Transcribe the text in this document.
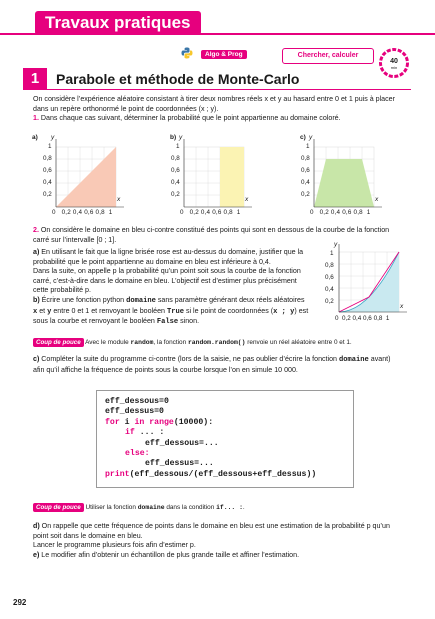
Travaux pratiques
Algo & Prog	Chercher, calculer
40
min
1	Parabole et méthode de Monte-Carlo
On considère l’expérience aléatoire consistant à tirer deux nombres réels x et y au hasard entre 0 et 1 puis à placer
dans un repère orthonormé le point de coordonnées (x ; y).
1. Dans chaque cas suivant, déterminer la probabilité que le point appartienne au domaine coloré.
a)	b)	c)
1
0,8
0,6
0,4
0,2
y
x
0 0,2 0,4 0,6 0,8 1
1
0,8
0,6
0,4
0,2
y
x
0 0,2 0,4 0,6 0,8 1
1
0,8
0,6
0,4
0,2
y
x
0 0,2 0,4 0,6 0,8 1
2. On considère le domaine en bleu ci-contre constitué des points qui sont en dessous de la courbe de la fonction
carré sur l’intervalle [0 ; 1].
a) En utilisant le fait que la ligne brisée rose est au-dessus du domaine, justifier que la
probabilité que le point appartienne au domaine en bleu est inférieure à 0,4.
Dans la suite, on appelle p la probabilité qu’un point soit sous la courbe de la fonction
carré, c’est-à-dire dans le domaine en bleu. L’objectif est d’estimer plus précisément
cette probabilité p.
b) Écrire une fonction python domaine sans paramètre générant deux réels aléatoires
x et y entre 0 et 1 et renvoyant le booléen True si le point de coordonnées (x ; y) est
sous la courbe et renvoyant le booléen False sinon.
1
0,8
0,6
0,4
0,2
y
x
0 0,2 0,4 0,6 0,8 1
Coup de pouce Avec le module random, la fonction random.random() renvoie un réel aléatoire entre 0 et 1.
c) Compléter la suite du programme ci-contre (lors de la saisie, ne pas oublier d’écrire la fonction domaine avant)
afin qu’il affiche la fréquence de points sous la courbe lorsque l’on en simule 10 000.
eff_dessous=0
eff_dessus=0
for i in range(10000):
if ... :
eff_dessous=...
else:
eff_dessus=...
print(eff_dessous/(eff_dessous+eff_dessus))
Coup de pouce Utiliser la fonction domaine dans la condition if... :.
d) On rappelle que cette fréquence de points dans le domaine en bleu est une estimation de la probabilité p qu’un
point soit dans le domaine en bleu.
Lancer le programme plusieurs fois afin d’estimer p.
e) Le modifier afin d’obtenir un échantillon de plus grande taille et affiner l’estimation.
292
